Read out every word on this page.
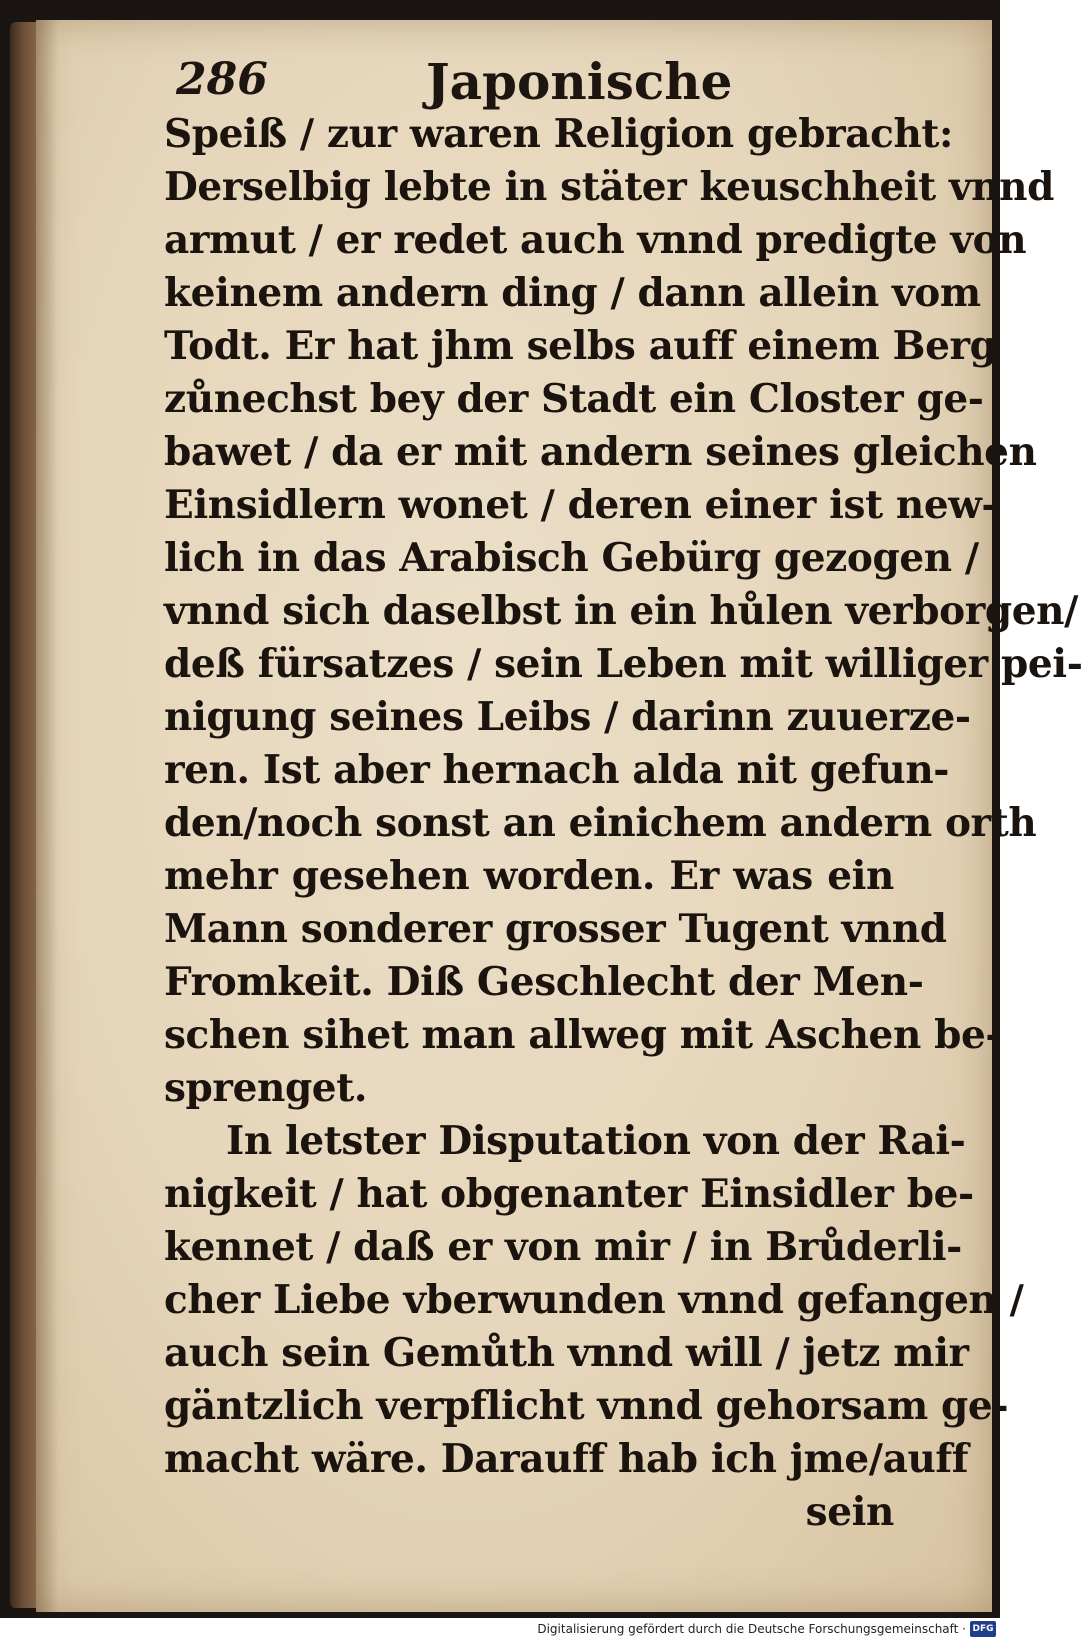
286	Japonische
Speiß / zur waren Religion gebracht:
Derselbig lebte in stäter keuschheit vnnd
armut / er redet auch vnnd predigte von
keinem andern ding / dann allein vom
Todt. Er hat jhm selbs auff einem Berg
zůnechst bey der Stadt ein Closter ge-
bawet / da er mit andern seines gleichen
Einsidlern wonet / deren einer ist new-
lich in das Arabisch Gebürg gezogen /
vnnd sich daselbst in ein hůlen verborgen/
deß fürsatzes / sein Leben mit williger pei-
nigung seines Leibs / darinn zuuerze-
ren. Ist aber hernach alda nit gefun-
den/noch sonst an einichem andern orth
mehr gesehen worden. Er was ein
Mann sonderer grosser Tugent vnnd
Fromkeit. Diß Geschlecht der Men-
schen sihet man allweg mit Aschen be-
sprenget.
In letster Disputation von der Rai-
nigkeit / hat obgenanter Einsidler be-
kennet / daß er von mir / in Brůderli-
cher Liebe vberwunden vnnd gefangen /
auch sein Gemůth vnnd will / jetz mir
gäntzlich verpflicht vnnd gehorsam ge-
macht wäre. Darauff hab ich jme/auff
sein
Digitalisierung gefördert durch die Deutsche Forschungsgemeinschaft · DFG
